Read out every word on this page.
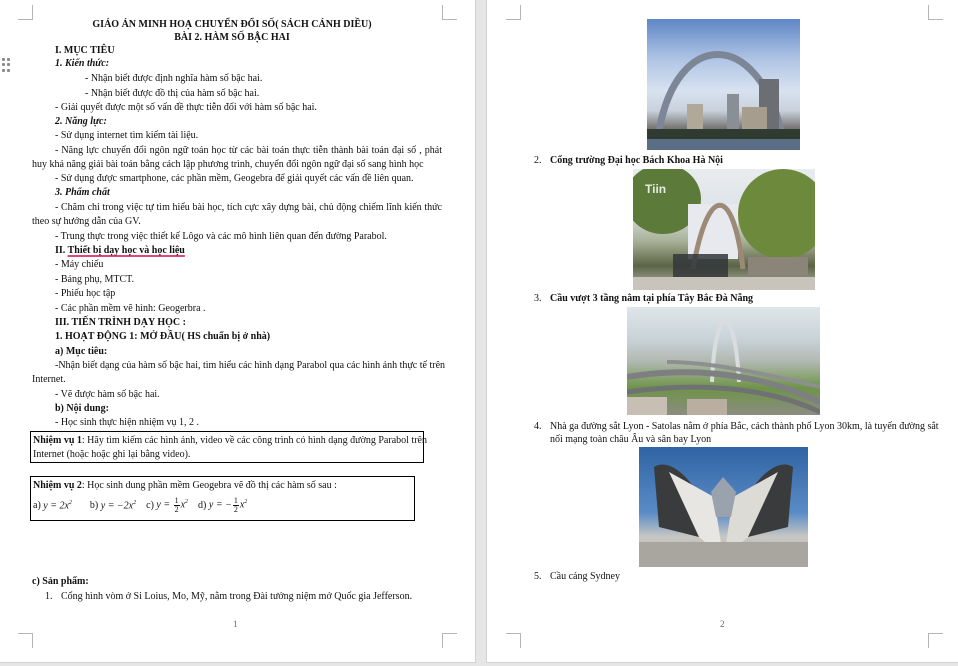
GIÁO ÁN MINH HOẠ CHUYỂN ĐỔI SỐ( SÁCH CÁNH DIỀU)
BÀI 2. HÀM SỐ BẬC HAI
I. MỤC TIÊU
1. Kiến thức:
- Nhận biết được định nghĩa hàm số bậc hai.
- Nhận biết được đồ thị của hàm số bậc hai.
- Giải quyết được một số vấn đề thực tiễn đối với hàm số bậc hai.
2. Năng lực:
- Sử dụng internet tìm kiếm tài liệu.
- Năng lực chuyển đổi ngôn ngữ toán học từ các bài toán thực tiễn thành bài toán đại số , phát
huy khả năng giải bài toán bằng cách lập phương trình, chuyển đổi ngôn ngữ đại số sang hình học
- Sử dụng được smartphone, các phần mềm, Geogebra để giải quyết các vấn đề liên quan.
3. Phẩm chất
- Chăm chỉ trong việc tự tìm hiểu bài học, tích cực xây dựng bài, chủ động chiếm lĩnh kiến thức
theo sự hướng dẫn của GV.
- Trung thực trong việc thiết kế Lôgo và các mô hình liên quan đến đường Parabol.
II. Thiết bị dạy học và học liệu
- Máy chiếu
- Bảng phụ, MTCT.
- Phiếu học tập
- Các phần mềm vẽ hình: Geogerbra .
III. TIẾN TRÌNH DẠY HỌC :
1. HOẠT ĐỘNG 1: MỞ ĐẦU( HS chuẩn bị ở nhà)
a) Mục tiêu:
-Nhận biết dạng của hàm số bậc hai, tìm hiểu các hình dạng Parabol qua các hình ảnh thực tế trên
Internet.
- Vẽ được hàm số bậc hai.
b) Nội dung:
- Học sinh thực hiện nhiệm vụ 1, 2 .
Nhiệm vụ 1: Hãy tìm kiếm các hình ảnh, video về các công trình có hình dạng đường Parabol trên
Internet (hoặc hoặc ghi lại bằng video).
Nhiệm vụ 2: Học sinh dung phần mềm Geogebra vẽ đồ thị các hàm số sau :
a)
$y = 2x^2$ b)
$y = -2x^2$ c)
$y = \frac{1}{2} x^2$ d)
y = − $\frac{1}{2} x^2$
c) Sản phẩm:
1. Cổng hình vòm ở Si Loius, Mo, Mỹ, nằm trong Đài tưởng niệm mở Quốc gia Jefferson.
1
2. Cổng trường Đại học Bách Khoa Hà Nội
Tiin
3. Cầu vượt 3 tầng nằm tại phía Tây Bắc Đà Nẵng
4. Nhà ga đường sắt Lyon - Satolas nằm ở phía Bắc, cách thành phố Lyon 30km, là tuyến đường sắt
nối mạng toàn châu Âu và sân bay Lyon
5. Cầu cảng Sydney
2
